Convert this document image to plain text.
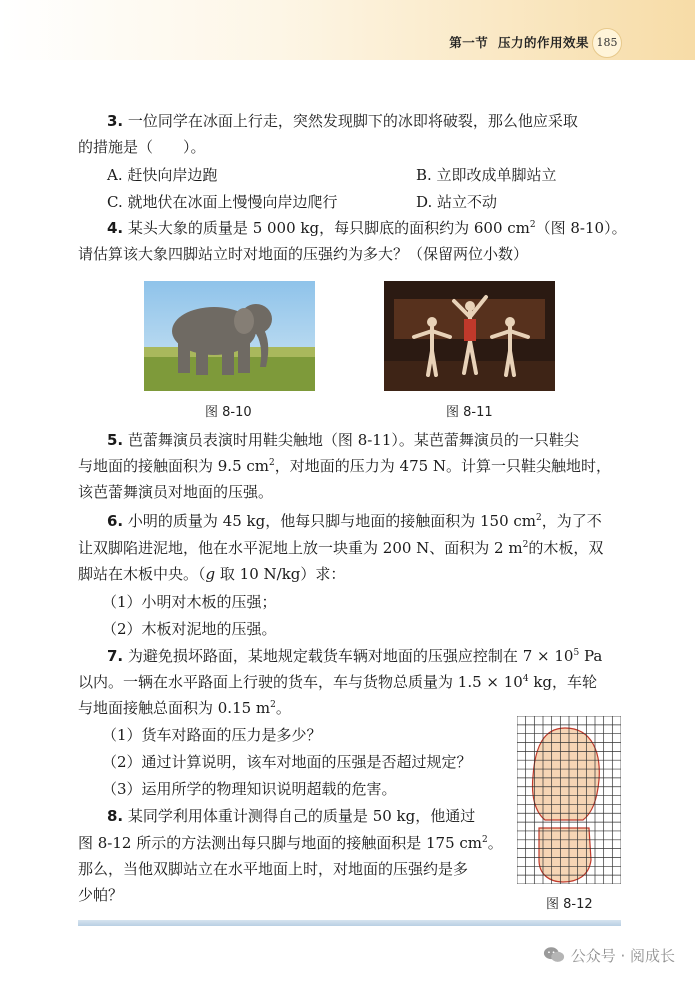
第一节 压力的作用效果 185
3. 一位同学在冰面上行走，突然发现脚下的冰即将破裂，那么他应采取
的措施是（　　）。
A. 赶快向岸边跑	B. 立即改成单脚站立
C. 就地伏在冰面上慢慢向岸边爬行	D. 站立不动
4. 某头大象的质量是 5 000 kg，每只脚底的面积约为 600 $cm^2$（图 8-10）。
请估算该大象四脚站立时对地面的压强约为多大？（保留两位小数）
图 8-10	图 8-11
5. 芭蕾舞演员表演时用鞋尖触地（图 8-11）。某芭蕾舞演员的一只鞋尖
与地面的接触面积为 9.5 $cm^2$，对地面的压力为 475 N。计算一只鞋尖触地时，
该芭蕾舞演员对地面的压强。
6. 小明的质量为 45 kg，他每只脚与地面的接触面积为 150 $cm^2$，为了不
让双脚陷进泥地，他在水平泥地上放一块重为 200 N、面积为 2 $m^2$的木板，双
脚站在木板中央。（g 取 10 N/kg）求：
（1）小明对木板的压强；
（2）木板对泥地的压强。
7. 为避免损坏路面，某地规定载货车辆对地面的压强应控制在 $7 \times 10^5$ Pa
以内。一辆在水平路面上行驶的货车，车与货物总质量为 $1.5 \times 10^4$ kg，车轮
与地面接触总面积为 0.15 $m^2$。
（1）货车对路面的压力是多少？
（2）通过计算说明，该车对地面的压强是否超过规定？
（3）运用所学的物理知识说明超载的危害。
8. 某同学利用体重计测得自己的质量是 50 kg，他通过
图 8-12 所示的方法测出每只脚与地面的接触面积是 175 $cm^2$。
那么，当他双脚站立在水平地面上时，对地面的压强约是多
少帕？
图 8-12
公众号 · 阅成长
